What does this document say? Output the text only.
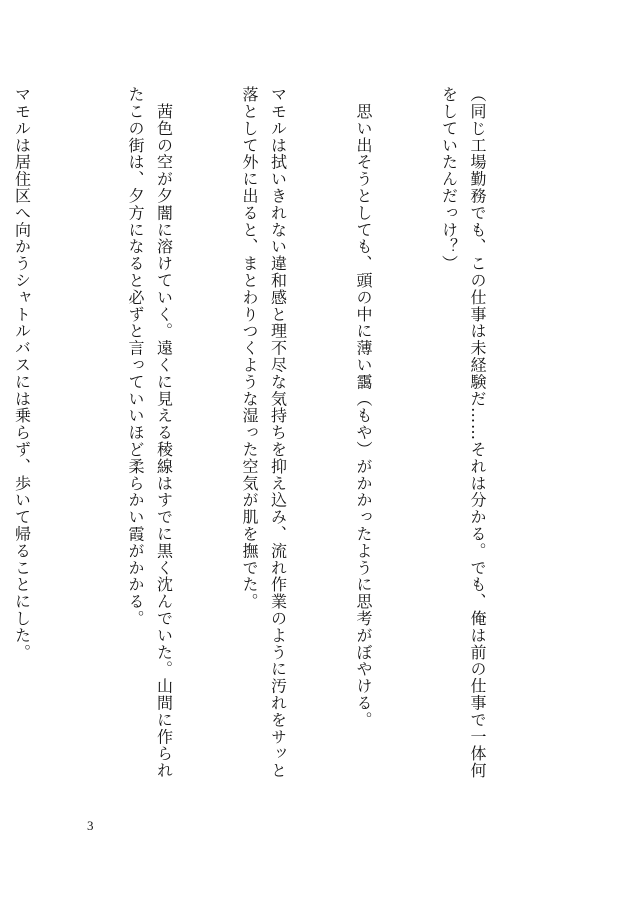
（同じ工場勤務でも、この仕事は未経験だ……それは分かる。でも、俺は前の仕事で一体何をしていたんだっけ？）

　思い出そうとしても、頭の中に薄い靄（もや）がかかったように思考がぼやける。

マモルは拭いきれない違和感と理不尽な気持ちを抑え込み、流れ作業のように汚れをサッと落として外に出ると、まとわりつくような湿った空気が肌を撫でた。

　茜色の空が夕闇に溶けていく。遠くに見える稜線はすでに黒く沈んでいた。山間に作られたこの街は、夕方になると必ずと言っていいほど柔らかい霞がかかる。

マモルは居住区へ向かうシャトルバスには乗らず、歩いて帰ることにした。

3
